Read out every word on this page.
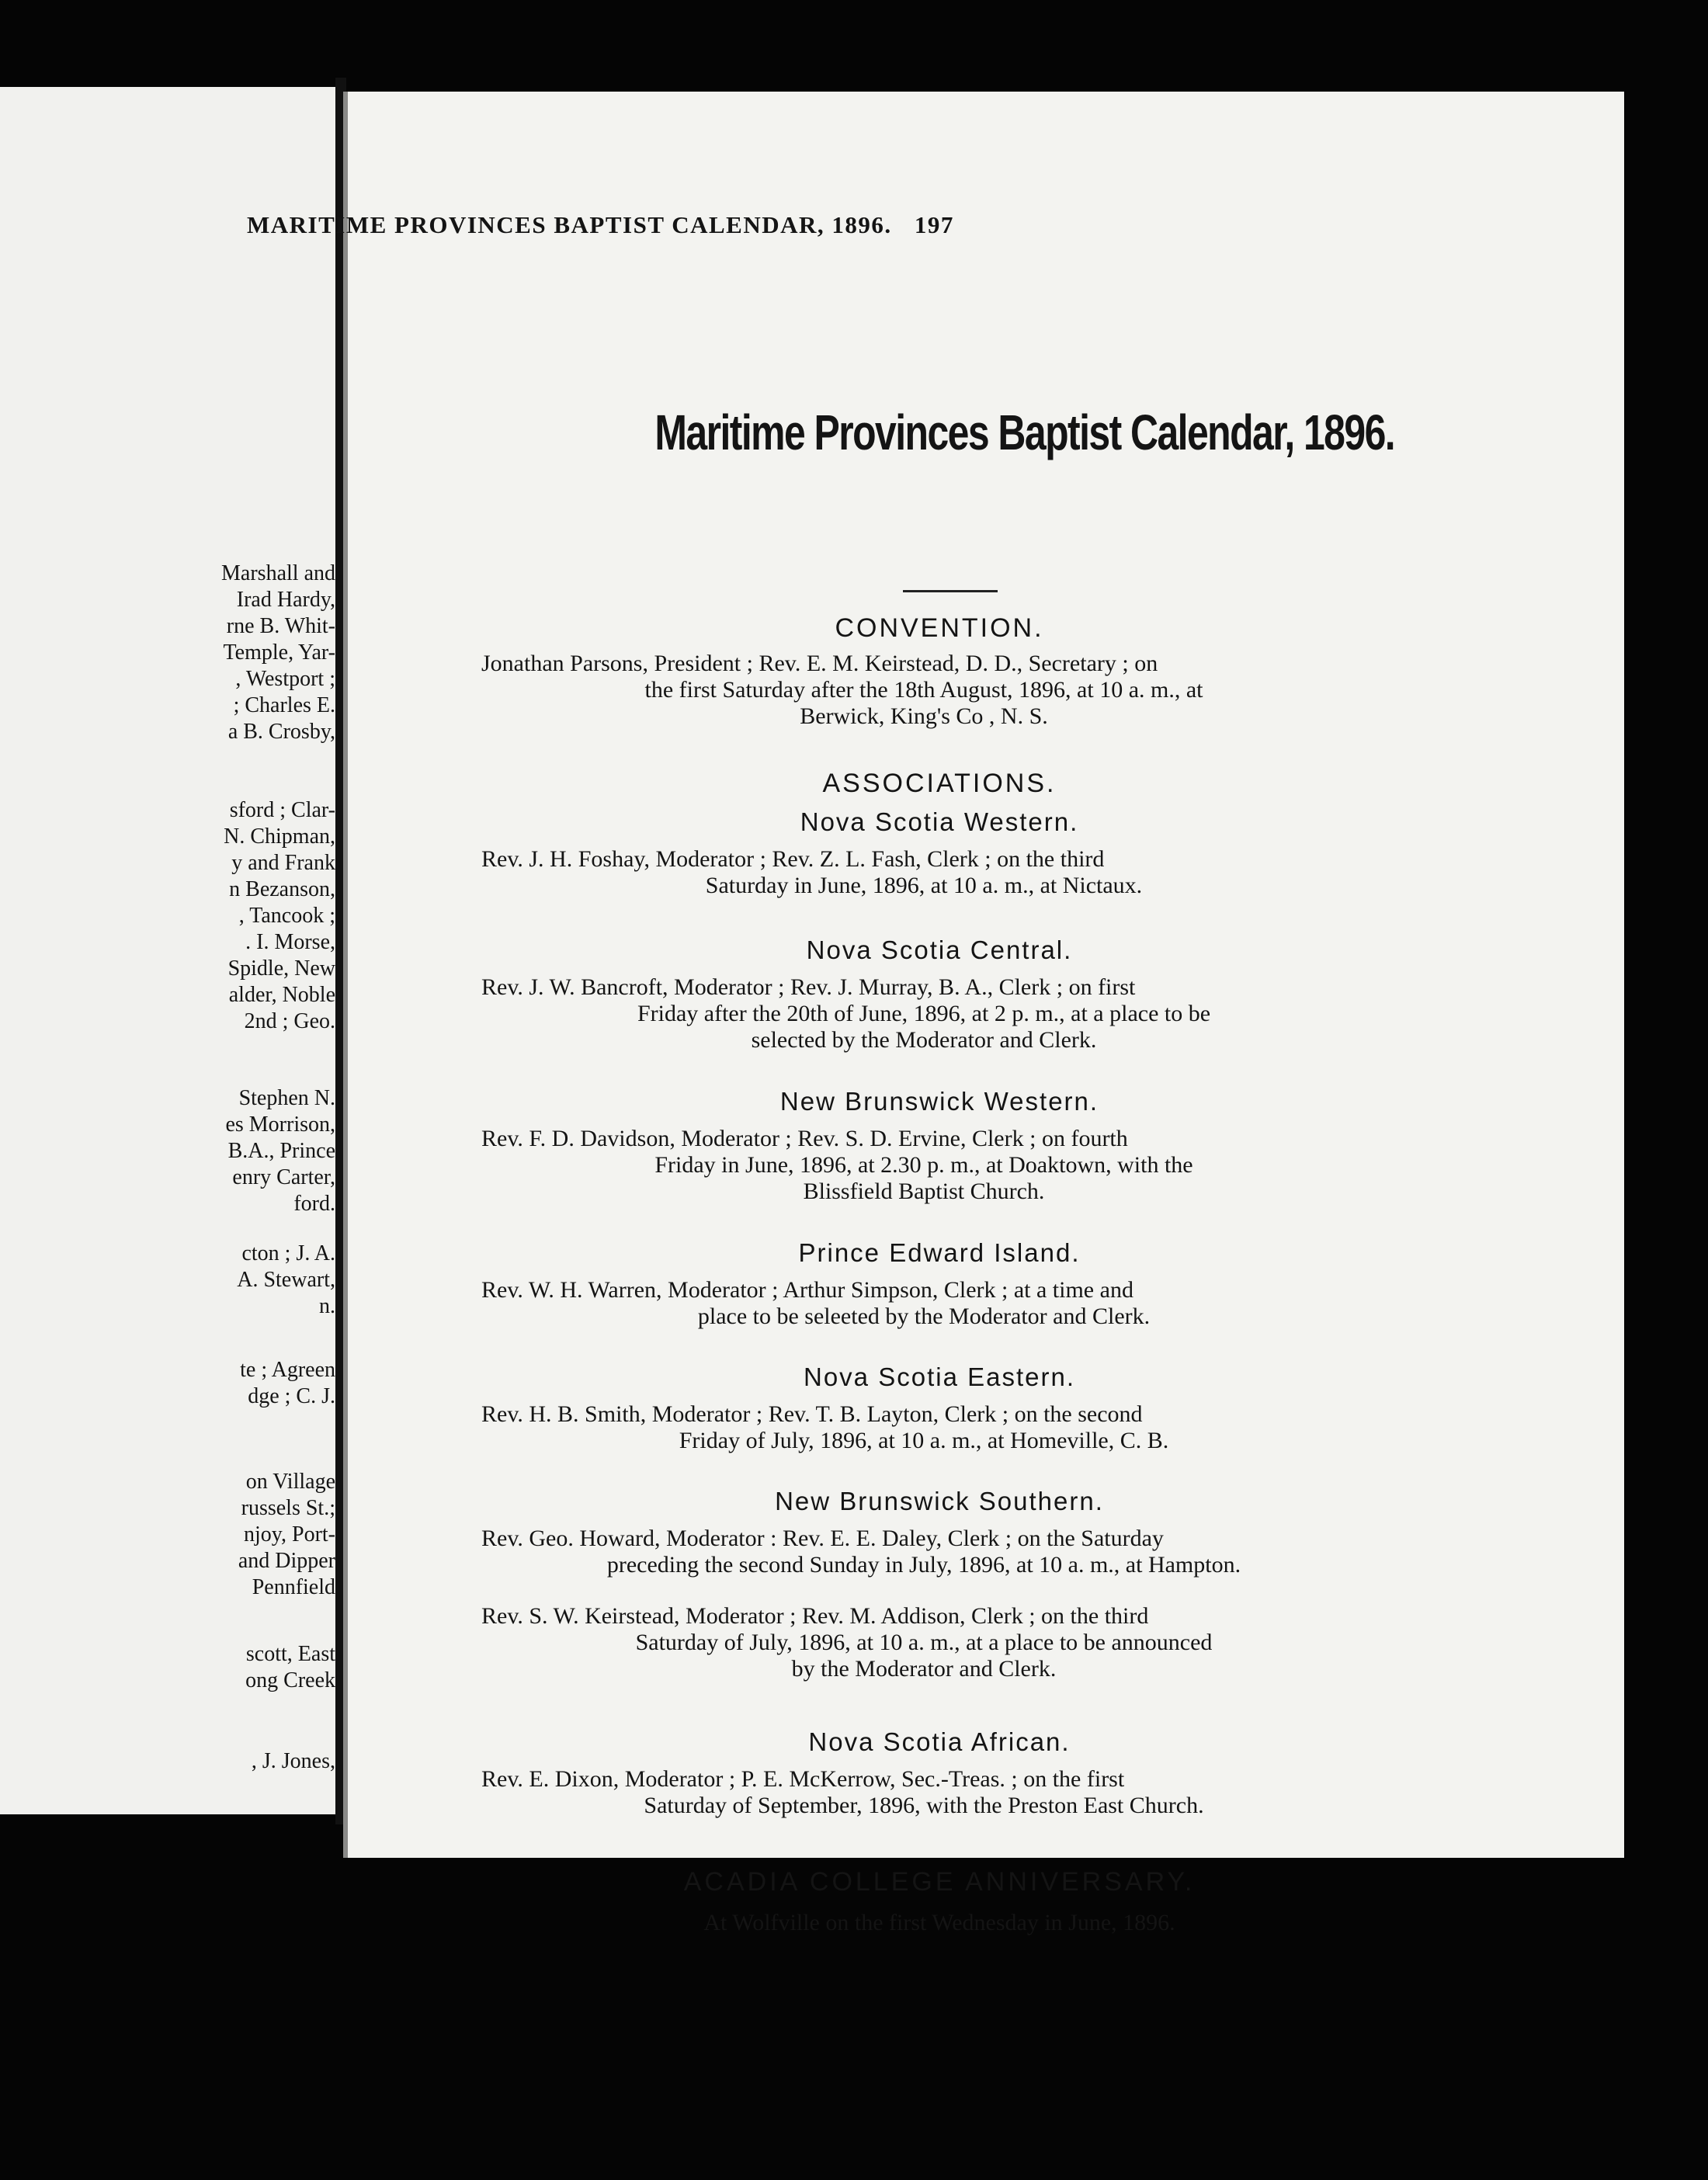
Marshall and
Irad Hardy,
rne B. Whit-
Temple, Yar-
, Westport ;
; Charles E.
a B. Crosby,
sford ; Clar-
N. Chipman,
y and Frank
n Bezanson,
, Tancook ;
. I. Morse,
Spidle, New
alder, Noble
2nd ; Geo.
Stephen N.
es Morrison,
B.A., Prince
enry Carter,
ford.
cton ; J. A.
A. Stewart,
n.
te ; Agreen
dge ; C. J.
on Village
russels St.;
njoy, Port-
and Dipper
Pennfield
scott, East
ong Creek
, J. Jones,
MARITIME PROVINCES BAPTIST CALENDAR, 1896. 197
Maritime Provinces Baptist Calendar, 1896.
CONVENTION.
Jonathan Parsons, President ; Rev. E. M. Keirstead, D. D., Secretary ; on
the first Saturday after the 18th August, 1896, at 10 a. m., at
Berwick, King's Co , N. S.
ASSOCIATIONS.
Nova Scotia Western.
Rev. J. H. Foshay, Moderator ; Rev. Z. L. Fash, Clerk ; on the third
Saturday in June, 1896, at 10 a. m., at Nictaux.
Nova Scotia Central.
Rev. J. W. Bancroft, Moderator ; Rev. J. Murray, B. A., Clerk ; on first
Friday after the 20th of June, 1896, at 2 p. m., at a place to be
selected by the Moderator and Clerk.
New Brunswick Western.
Rev. F. D. Davidson, Moderator ; Rev. S. D. Ervine, Clerk ; on fourth
Friday in June, 1896, at 2.30 p. m., at Doaktown, with the
Blissfield Baptist Church.
Prince Edward Island.
Rev. W. H. Warren, Moderator ; Arthur Simpson, Clerk ; at a time and
place to be seleeted by the Moderator and Clerk.
Nova Scotia Eastern.
Rev. H. B. Smith, Moderator ; Rev. T. B. Layton, Clerk ; on the second
Friday of July, 1896, at 10 a. m., at Homeville, C. B.
New Brunswick Southern.
Rev. Geo. Howard, Moderator : Rev. E. E. Daley, Clerk ; on the Saturday
preceding the second Sunday in July, 1896, at 10 a. m., at Hampton.
Rev. S. W. Keirstead, Moderator ; Rev. M. Addison, Clerk ; on the third
Saturday of July, 1896, at 10 a. m., at a place to be announced
by the Moderator and Clerk.
Nova Scotia African.
Rev. E. Dixon, Moderator ; P. E. McKerrow, Sec.-Treas. ; on the first
Saturday of September, 1896, with the Preston East Church.
ACADIA COLLEGE ANNIVERSARY.
At Wolfville on the first Wednesday in June, 1896.
